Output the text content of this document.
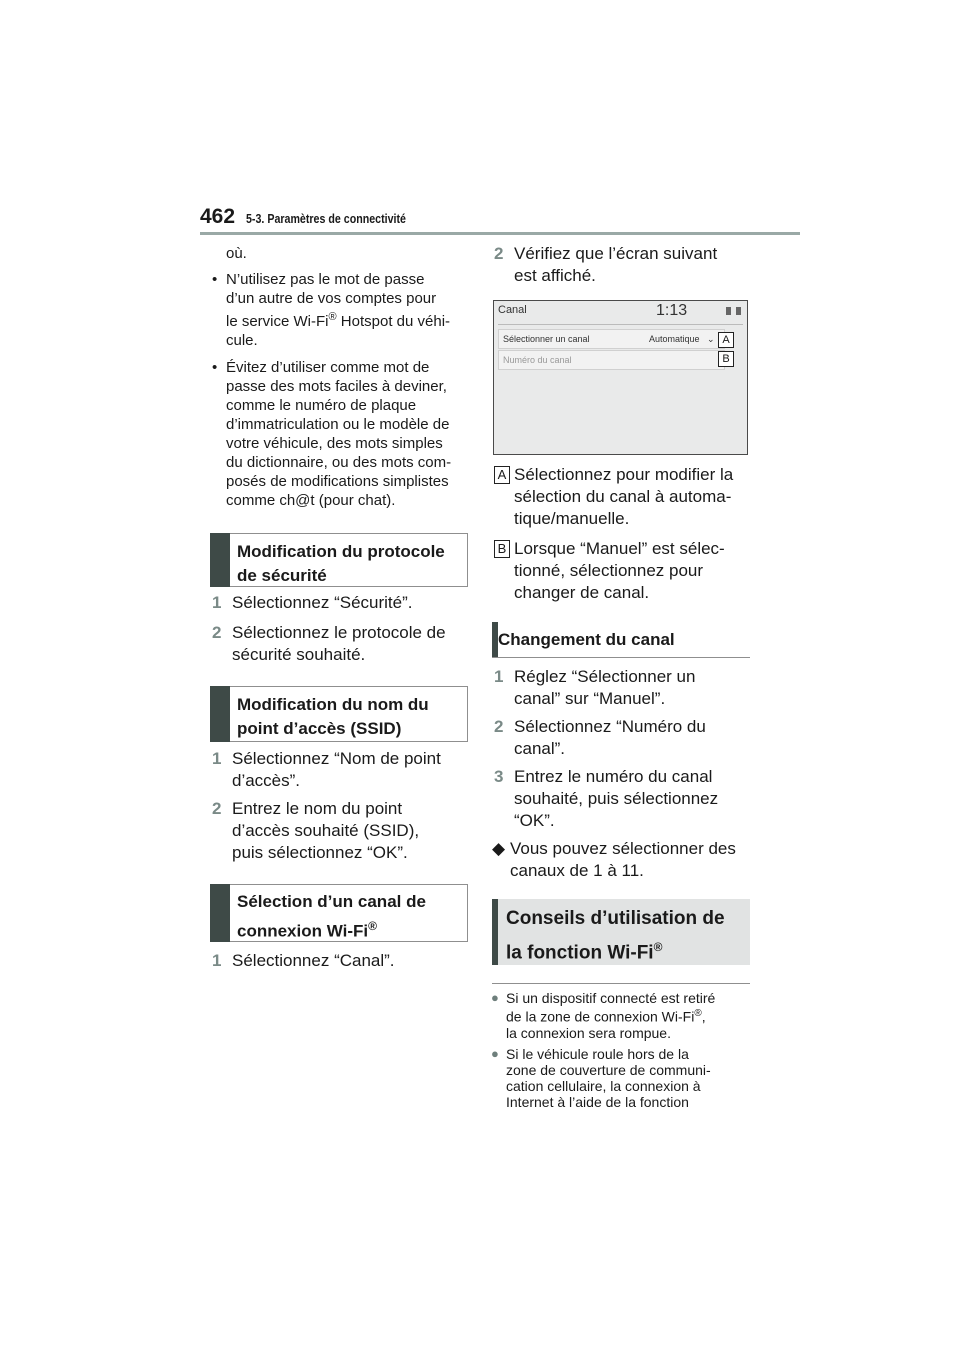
462 5-3. Paramètres de connectivité
où.
• N’utilisez pas le mot de passe
d’un autre de vos comptes pour
le service Wi-Fi® Hotspot du véhi-
cule.
• Évitez d’utiliser comme mot de
passe des mots faciles à deviner,
comme le numéro de plaque
d’immatriculation ou le modèle de
votre véhicule, des mots simples
du dictionnaire, ou des mots com-
posés de modifications simplistes
comme ch@t (pour chat).
Modification du protocole
de sécurité
1 Sélectionnez “Sécurité”.
2 Sélectionnez le protocole de
sécurité souhaité.
Modification du nom du
point d’accès (SSID)
1 Sélectionnez “Nom de point
d’accès”.
2 Entrez le nom du point
d’accès souhaité (SSID),
puis sélectionnez “OK”.
Sélection d’un canal de
connexion Wi-Fi®
1 Sélectionnez “Canal”.
2 Vérifiez que l’écran suivant
est affiché.
Canal	1:13
Sélectionner un canal	Automatique ⌄
Numéro du canal
A
B
A Sélectionnez pour modifier la
sélection du canal à automa-
tique/manuelle.
B Lorsque “Manuel” est sélec-
tionné, sélectionnez pour
changer de canal.
Changement du canal
1 Réglez “Sélectionner un
canal” sur “Manuel”.
2 Sélectionnez “Numéro du
canal”.
3 Entrez le numéro du canal
souhaité, puis sélectionnez
“OK”.
◆ Vous pouvez sélectionner des
canaux de 1 à 11.
Conseils d’utilisation de
la fonction Wi-Fi®
● Si un dispositif connecté est retiré
de la zone de connexion Wi-Fi®,
la connexion sera rompue.
● Si le véhicule roule hors de la
zone de couverture de communi-
cation cellulaire, la connexion à
Internet à l’aide de la fonction
